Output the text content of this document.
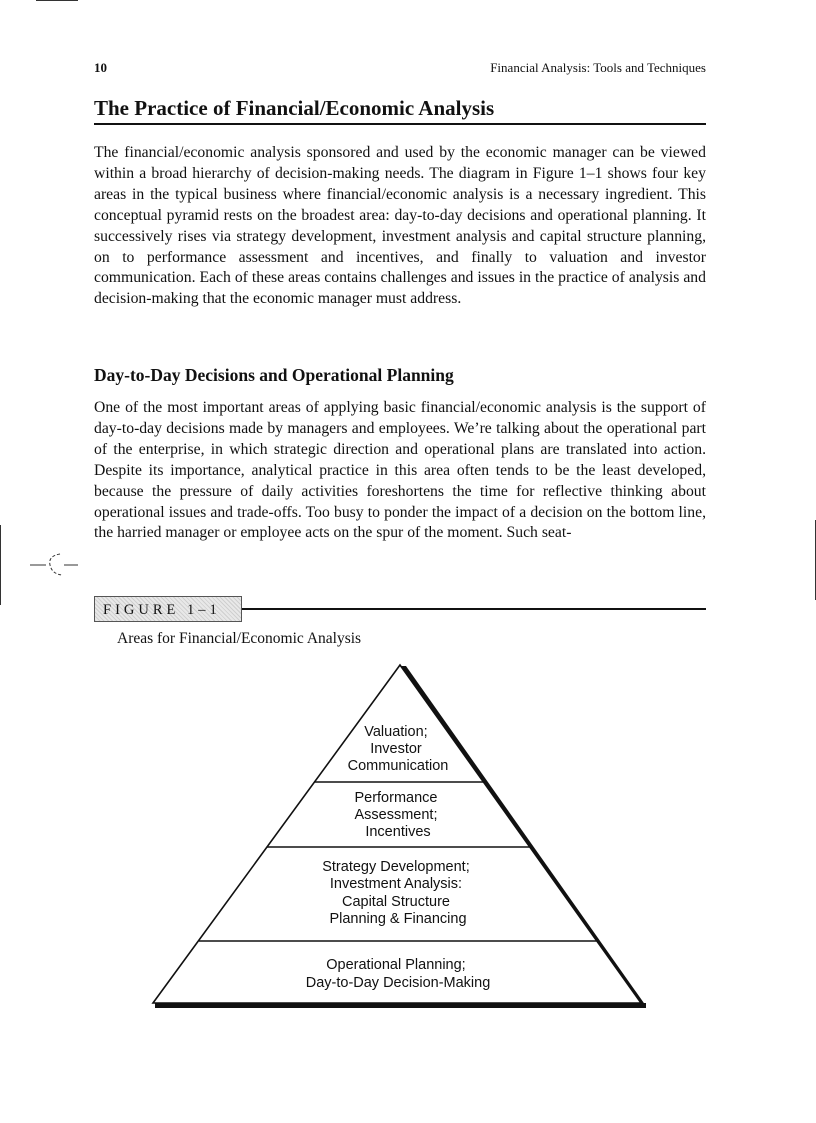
10	Financial Analysis: Tools and Techniques
The Practice of Financial/Economic Analysis

The financial/economic analysis sponsored and used by the economic manager can be viewed within a broad hierarchy of decision-making needs. The diagram in Figure 1–1 shows four key areas in the typical business where financial/economic analysis is a necessary ingredient. This conceptual pyramid rests on the broadest area: day-to-day decisions and operational planning. It successively rises via strategy development, investment analysis and capital structure planning, on to performance assessment and incentives, and finally to valuation and investor communication. Each of these areas contains challenges and issues in the practice of analysis and decision-making that the economic manager must address.

Day-to-Day Decisions and Operational Planning

One of the most important areas of applying basic financial/economic analysis is the support of day-to-day decisions made by managers and employees. We’re talking about the operational part of the enterprise, in which strategic direction and operational plans are translated into action. Despite its importance, analytical practice in this area often tends to be the least developed, because the pressure of daily activities foreshortens the time for reflective thinking about operational issues and trade-offs. Too busy to ponder the impact of a decision on the bottom line, the harried manager or employee acts on the spur of the moment. Such seat-

FIGURE 1–1
Areas for Financial/Economic Analysis
Valuation; Investor Communication
Performance Assessment; Incentives
Strategy Development; Investment Analysis: Capital Structure Planning & Financing
Operational Planning; Day-to-Day Decision-Making
